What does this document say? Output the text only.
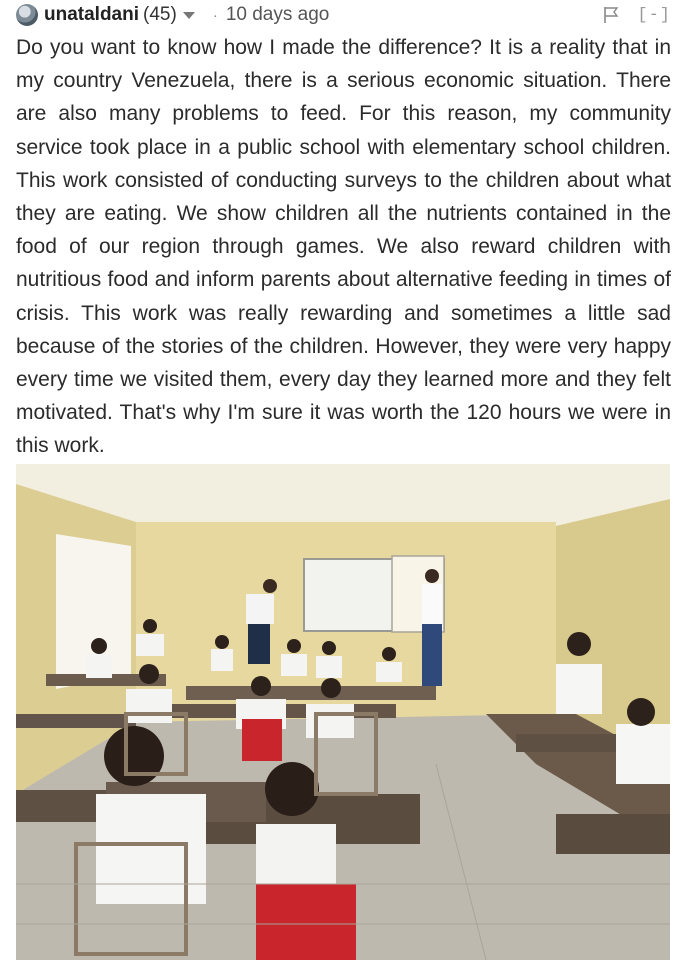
unataldani (45) · 10 days ago	[-]

Do you want to know how I made the difference? It is a reality that in my country Venezuela, there is a serious economic situation. There are also many problems to feed. For this reason, my community service took place in a public school with elementary school children. This work consisted of conducting surveys to the children about what they are eating. We show children all the nutrients contained in the food of our region through games. We also reward children with nutritious food and inform parents about alternative feeding in times of crisis. This work was really rewarding and sometimes a little sad because of the stories of the children. However, they were very happy every time we visited them, every day they learned more and they felt motivated. That's why I'm sure it was worth the 120 hours we were in this work.
